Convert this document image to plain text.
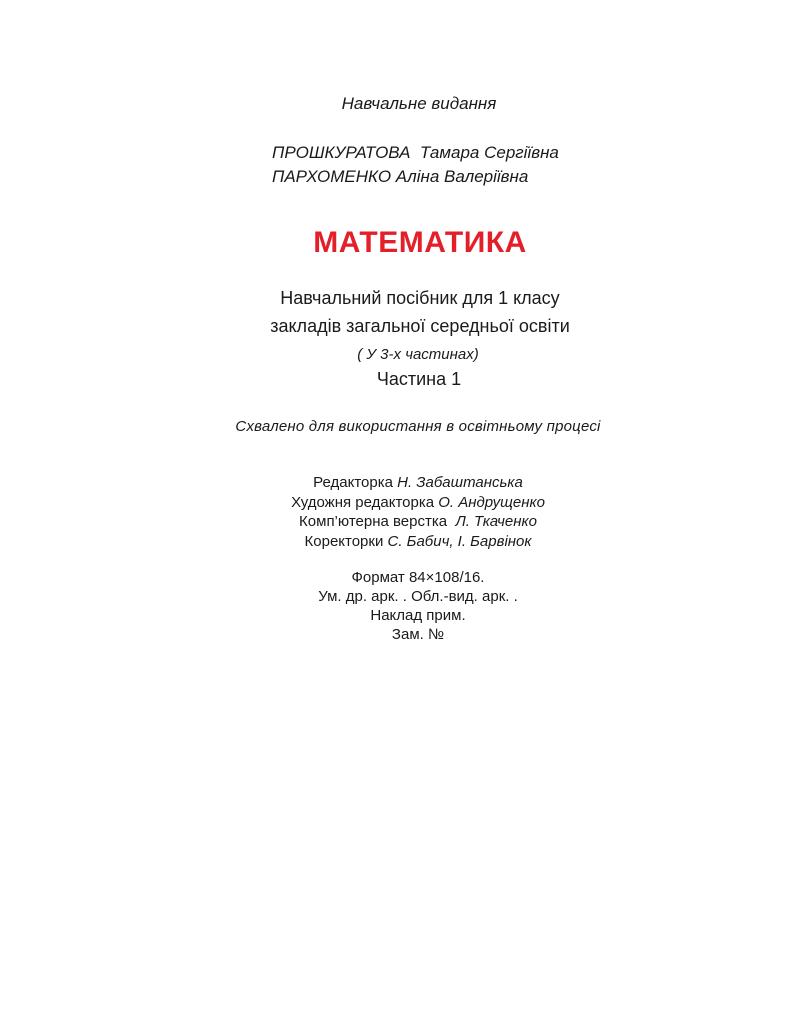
Навчальне видання
ПРОШКУРАТОВА Тамара Сергіївна
ПАРХОМЕНКО Аліна Валеріївна
МАТЕМАТИКА
Навчальний посібник для 1 класу
закладів загальної середньої освіти
( У 3-х частинах)
Частина 1
Схвалено для використання в освітньому процесі
Редакторка Н. Забаштанська
Художня редакторка О. Андрущенко
Комп’ютерна верстка Л. Ткаченко
Коректорки С. Бабич, І. Барвінок
Формат 84×108/16.
Ум. др. арк. . Обл.-вид. арк. .
Наклад прим.
Зам. №
